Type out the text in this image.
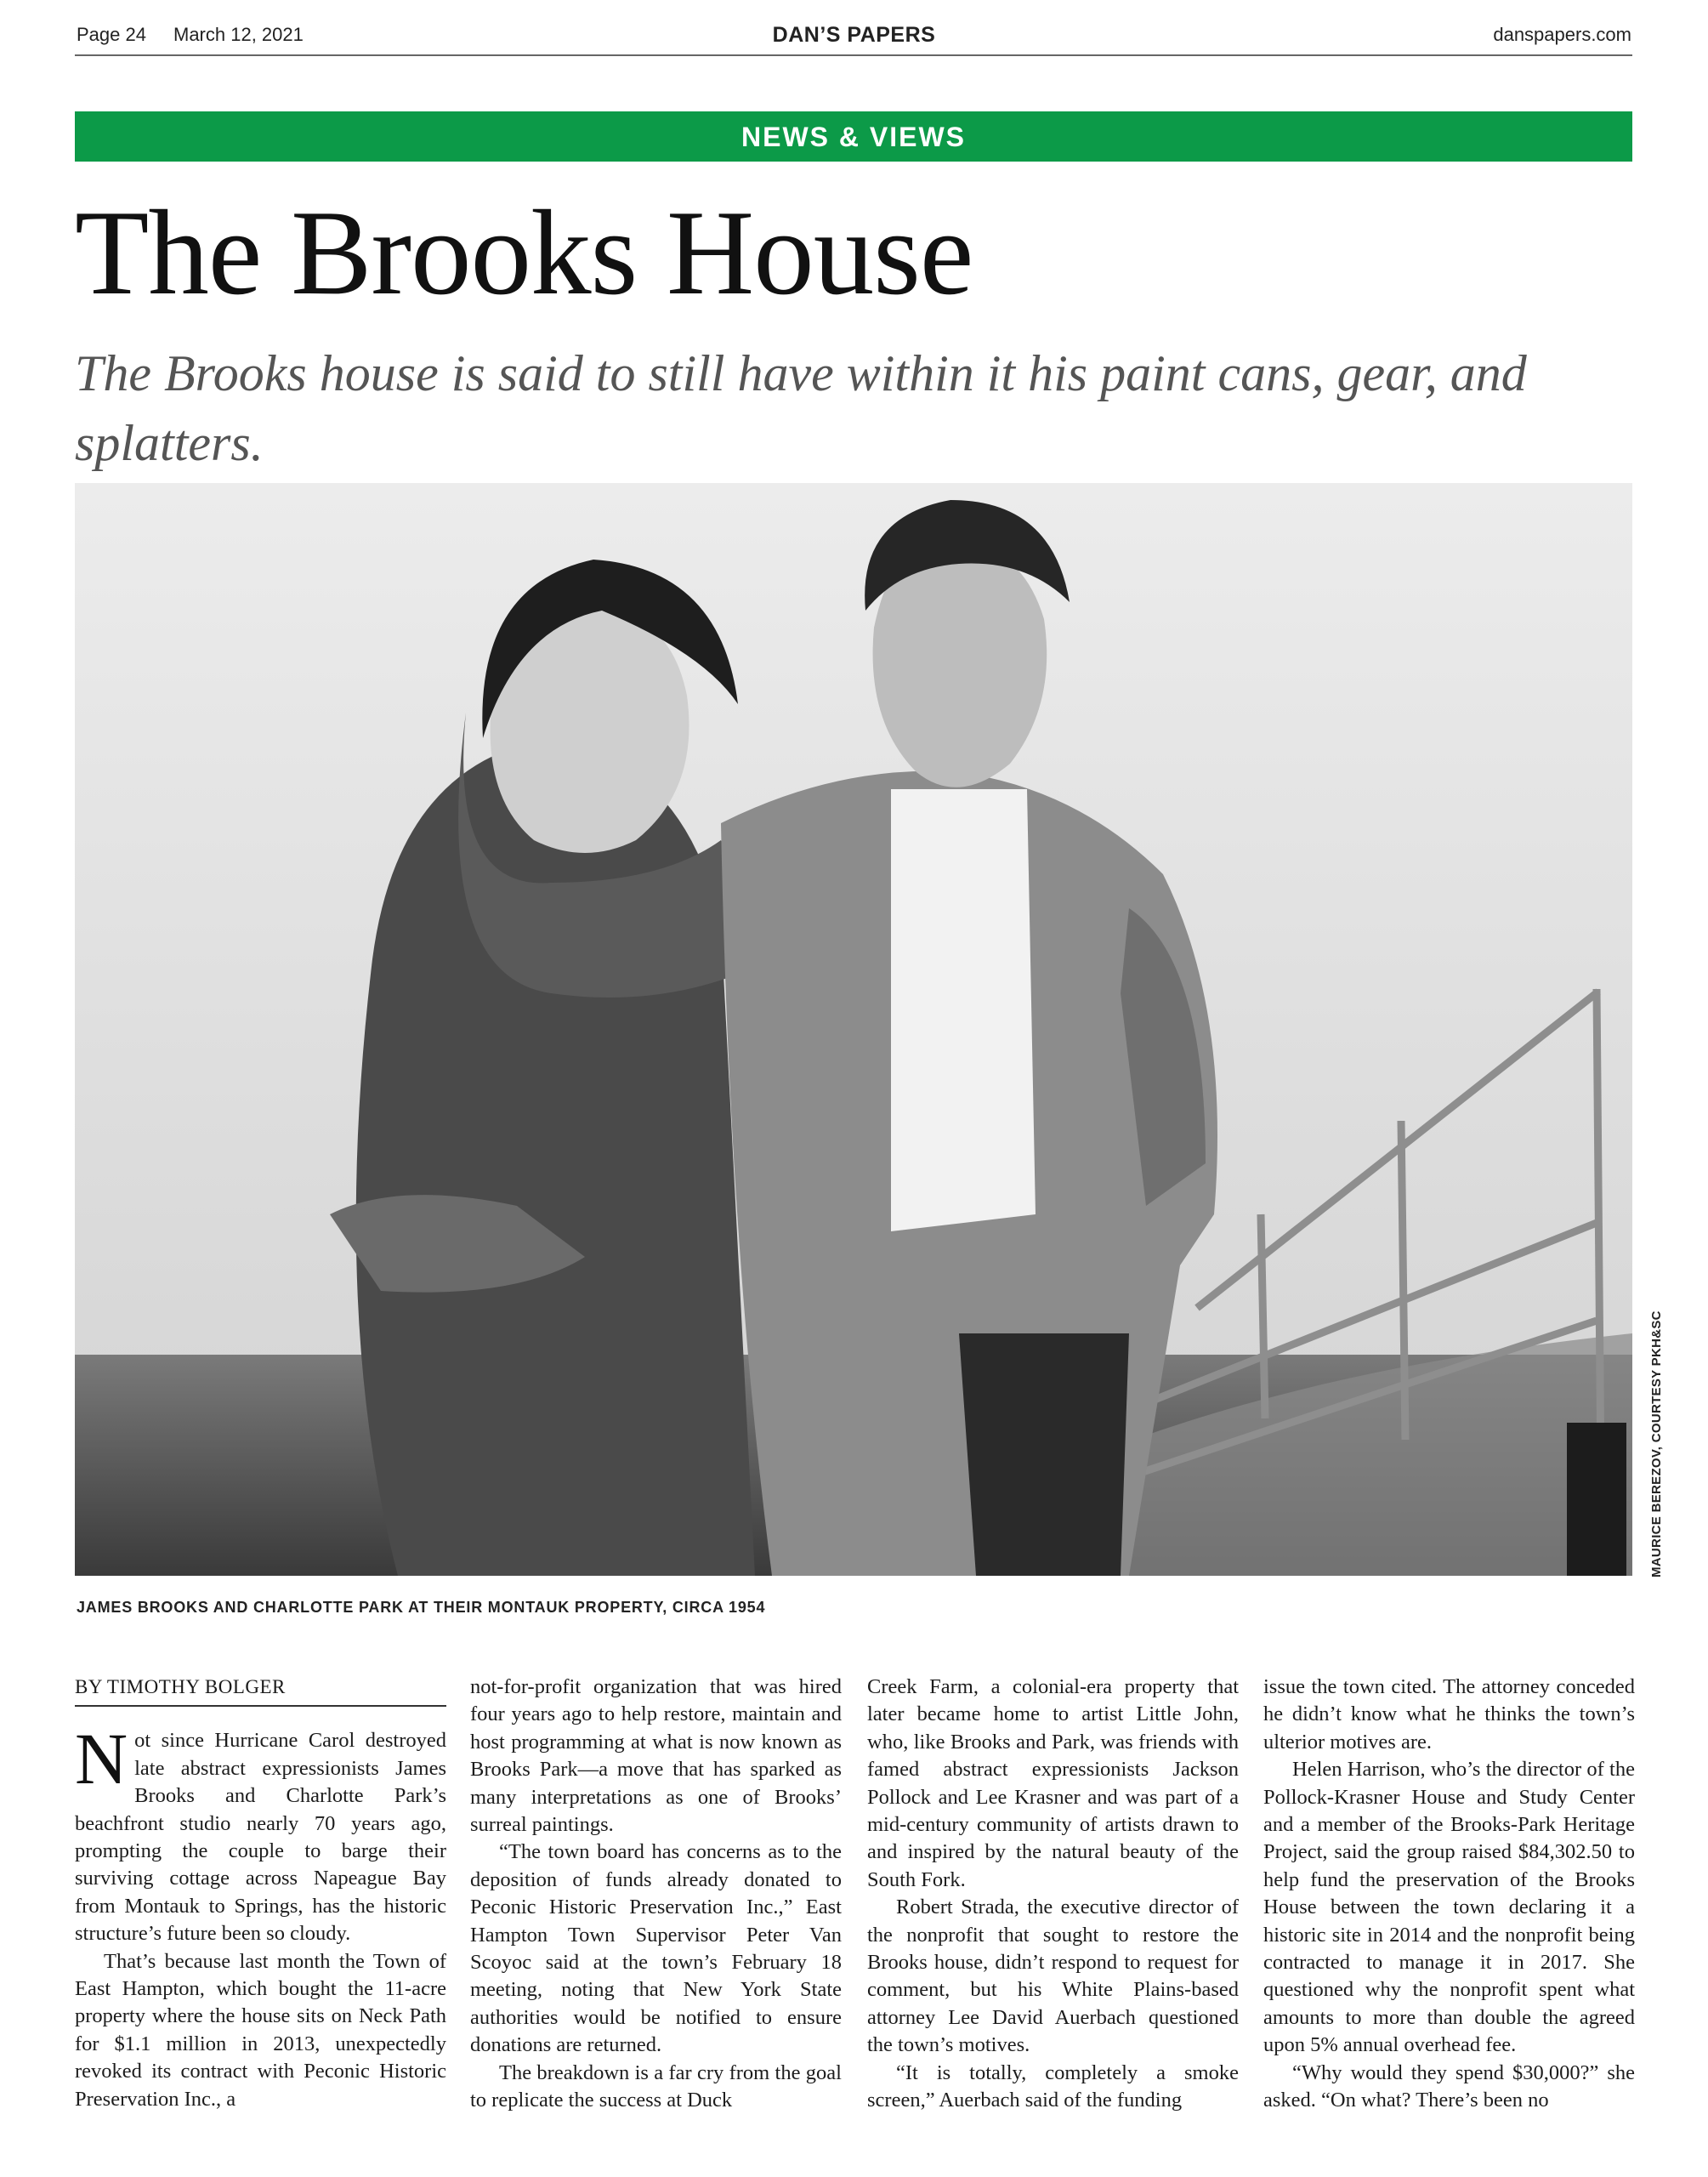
Page 24 March 12, 2021	DAN’S PAPERS	danspapers.com
NEWS & VIEWS
The Brooks House

The Brooks house is said to still have within it his paint cans, gear, and splatters.

MAURICE BEREZOV, COURTESY PKH&SC
JAMES BROOKS AND CHARLOTTE PARK AT THEIR MONTAUK PROPERTY, CIRCA 1954
BY TIMOTHY BOLGER

Not since Hurricane Carol destroyed late abstract expressionists James Brooks and Charlotte Park’s beachfront studio nearly 70 years ago, prompting the couple to barge their surviving cottage across Napeague Bay from Montauk to Springs, has the historic structure’s future been so cloudy.

That’s because last month the Town of East Hampton, which bought the 11-acre property where the house sits on Neck Path for $1.1 million in 2013, unexpectedly revoked its contract with Peconic Historic Preservation Inc., a

not-for-profit organization that was hired four years ago to help restore, maintain and host programming at what is now known as Brooks Park—a move that has sparked as many interpretations as one of Brooks’ surreal paintings.

“The town board has concerns as to the deposition of funds already donated to Peconic Historic Preservation Inc.,” East Hampton Town Supervisor Peter Van Scoyoc said at the town’s February 18 meeting, noting that New York State authorities would be notified to ensure donations are returned.

The breakdown is a far cry from the goal to replicate the success at Duck

Creek Farm, a colonial-era property that later became home to artist Little John, who, like Brooks and Park, was friends with famed abstract expressionists Jackson Pollock and Lee Krasner and was part of a mid-century community of artists drawn to and inspired by the natural beauty of the South Fork.

Robert Strada, the executive director of the nonprofit that sought to restore the Brooks house, didn’t respond to request for comment, but his White Plains-based attorney Lee David Auerbach questioned the town’s motives.

“It is totally, completely a smoke screen,” Auerbach said of the funding

issue the town cited. The attorney conceded he didn’t know what he thinks the town’s ulterior motives are.

Helen Harrison, who’s the director of the Pollock-Krasner House and Study Center and a member of the Brooks-Park Heritage Project, said the group raised $84,302.50 to help fund the preservation of the Brooks House between the town declaring it a historic site in 2014 and the nonprofit being contracted to manage it in 2017. She questioned why the nonprofit spent what amounts to more than double the agreed upon 5% annual overhead fee.

“Why would they spend $30,000?” she asked. “On what? There’s been no
